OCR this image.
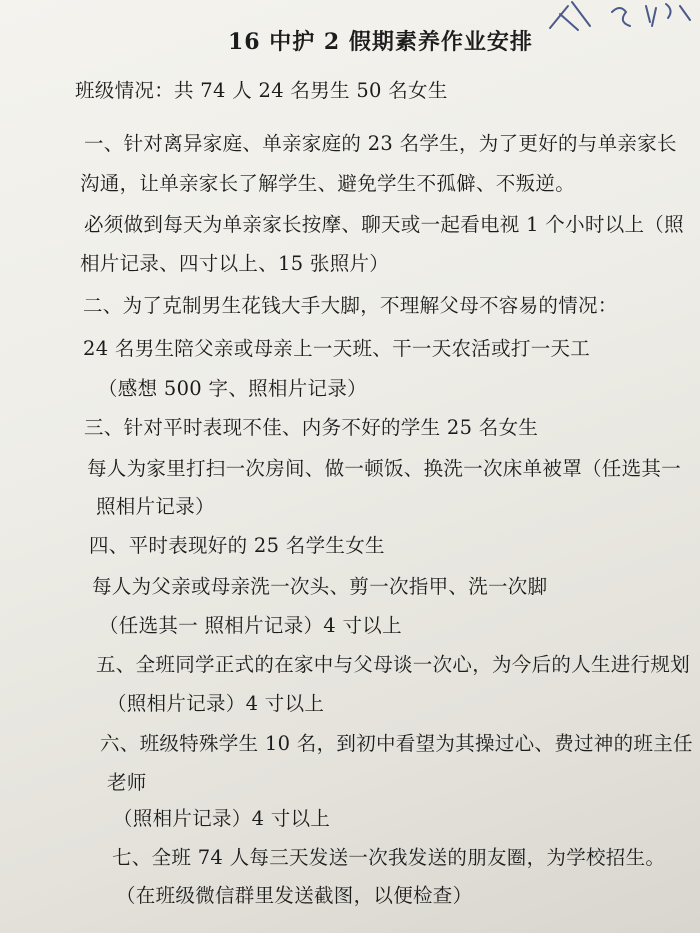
16 中护 2 假期素养作业安排
班级情况：共 74 人 24 名男生 50 名女生
一、针对离异家庭、单亲家庭的 23 名学生，为了更好的与单亲家长
沟通，让单亲家长了解学生、避免学生不孤僻、不叛逆。
必须做到每天为单亲家长按摩、聊天或一起看电视 1 个小时以上（照
相片记录、四寸以上、15 张照片）
二、为了克制男生花钱大手大脚，不理解父母不容易的情况：
24 名男生陪父亲或母亲上一天班、干一天农活或打一天工
（感想 500 字、照相片记录）
三、针对平时表现不佳、内务不好的学生 25 名女生
每人为家里打扫一次房间、做一顿饭、换洗一次床单被罩（任选其一
照相片记录）
四、平时表现好的 25 名学生女生
每人为父亲或母亲洗一次头、剪一次指甲、洗一次脚
（任选其一 照相片记录）4 寸以上
五、全班同学正式的在家中与父母谈一次心，为今后的人生进行规划
（照相片记录）4 寸以上
六、班级特殊学生 10 名，到初中看望为其操过心、费过神的班主任
老师
（照相片记录）4 寸以上
七、全班 74 人每三天发送一次我发送的朋友圈，为学校招生。
（在班级微信群里发送截图，以便检查）
